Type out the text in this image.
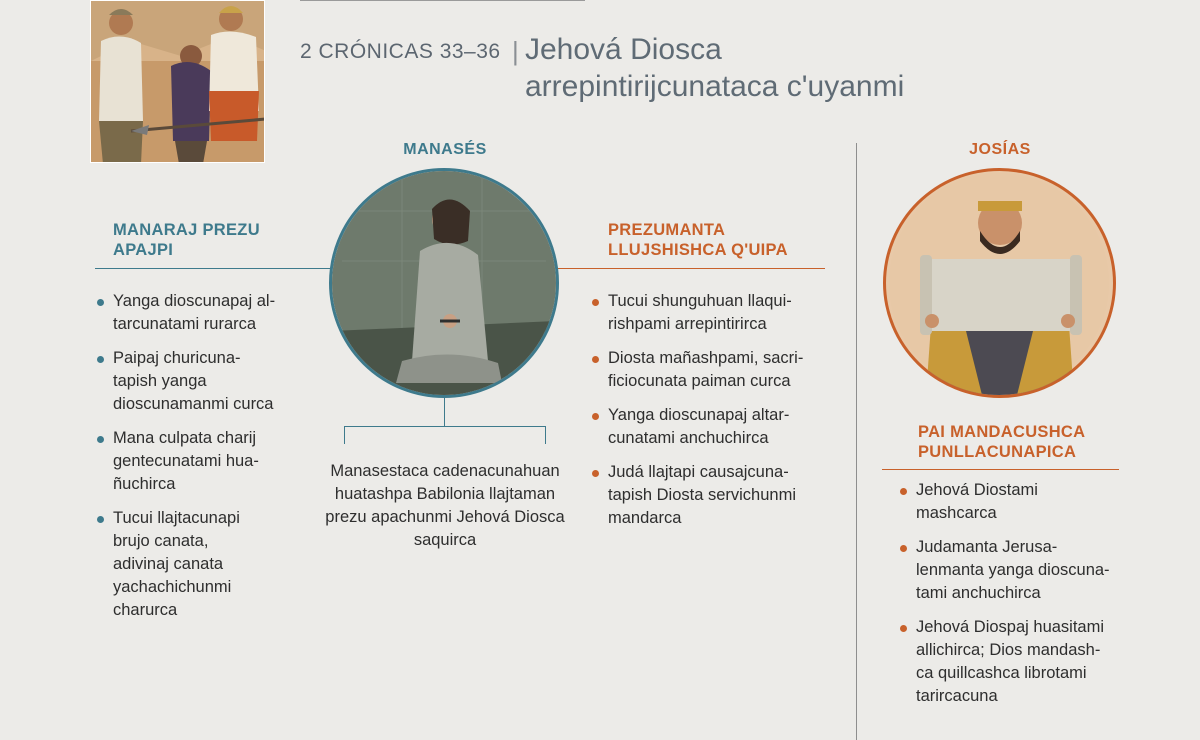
2 CRÓNICAS 33–36 | Jehová Diosca
arrepintirijcunataca c'uyanmi
MANASÉS
MANARAJ PREZU
APAJPI
PREZUMANTA
LLUJSHISHCA Q'UIPA
Yanga dioscunapaj al-
tarcunatami rurarca
Paipaj churicuna-
tapish yanga
dioscunamanmi curca
Mana culpata charij
gentecunatami hua-
ñuchirca
Tucui llajtacunapi
brujo canata,
adivinaj canata
yachachichunmi
charurca
Manasestaca cadenacunahuan
huatashpa Babilonia llajtaman
prezu apachunmi Jehová Diosca
saquirca
Tucui shunguhuan llaqui-
rishpami arrepintirirca
Diosta mañashpami, sacri-
ficiocunata paiman curca
Yanga dioscunapaj altar-
cunatami anchuchirca
Judá llajtapi causajcuna-
tapish Diosta servichunmi
mandarca
JOSÍAS
PAI MANDACUSHCA
PUNLLACUNAPICA
Jehová Diostami
mashcarca
Judamanta Jerusa-
lenmanta yanga dioscuna-
tami anchuchirca
Jehová Diospaj huasitami
allichirca; Dios mandash-
ca quillcashca librotami
tarircacuna
